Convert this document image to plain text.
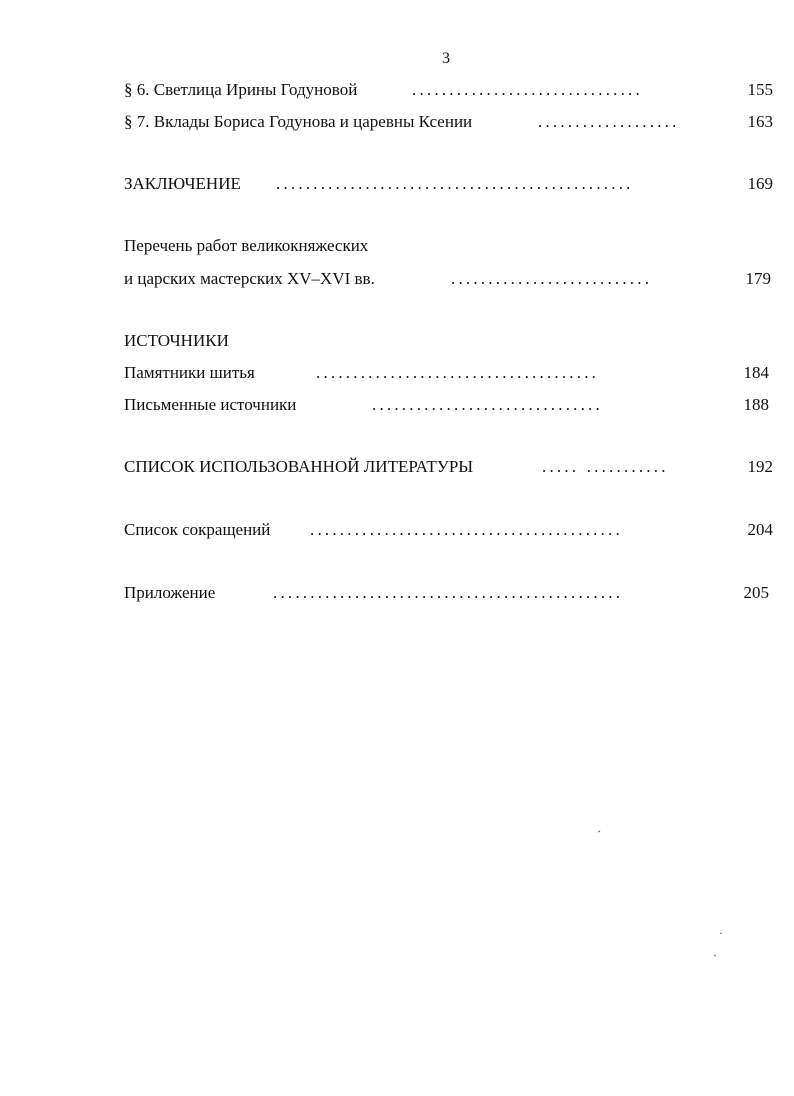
3
§ 6. Светлица Ирины Годуновой	...............................	155
§ 7. Вклады Бориса Годунова и царевны Ксении	...................	163
ЗАКЛЮЧЕНИЕ ................................................	169
Перечень работ великокняжеских
и царских мастерских XV–XVI вв.	...........................	179
ИСТОЧНИКИ
Памятники шитья	......................................	184
Письменные источники	...............................	188
СПИСОК ИСПОЛЬЗОВАННОЙ ЛИТЕРАТУРЫ	..... ...........	192
Список сокращений ..........................................	204
Приложение	...............................................	205
´
·
`
